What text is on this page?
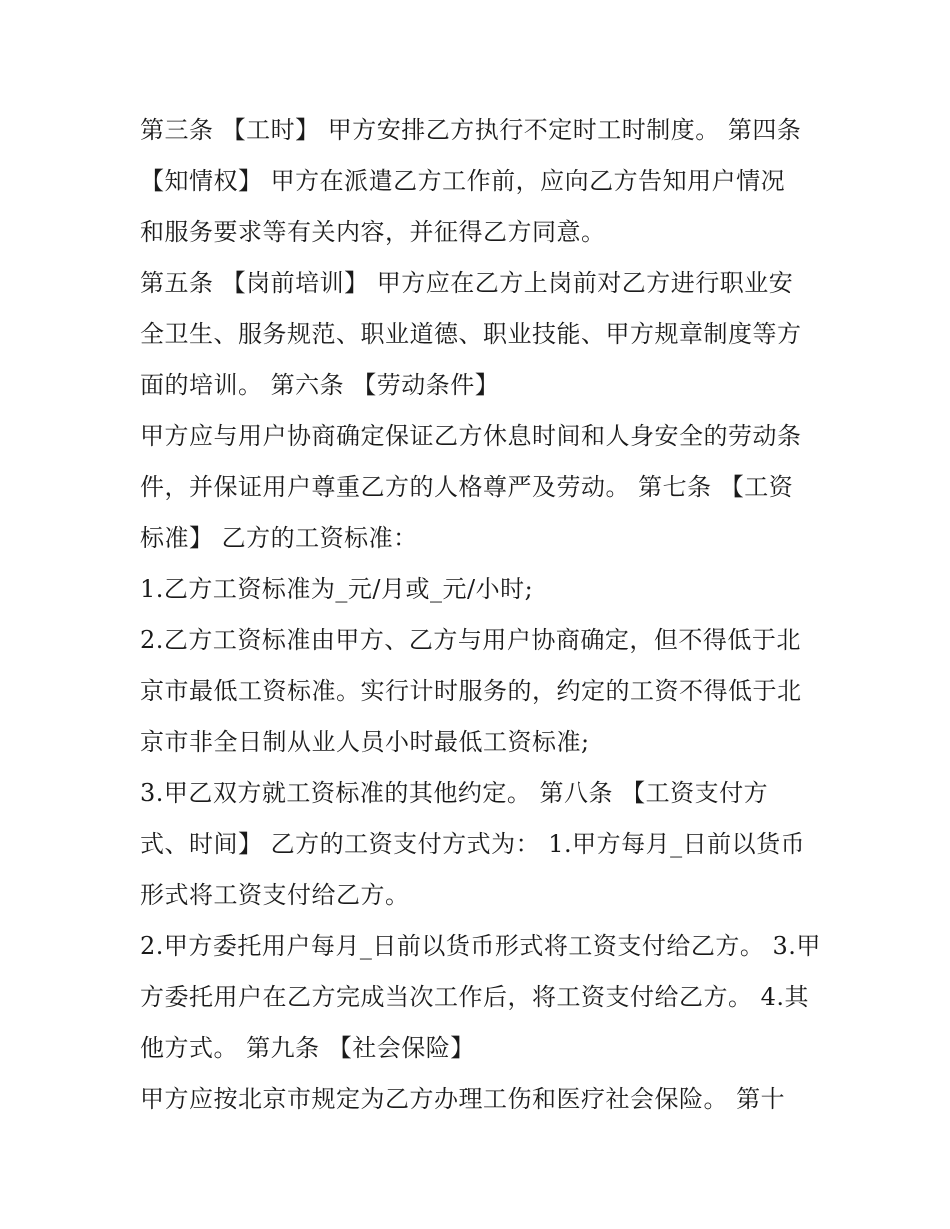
第三条 【工时】 甲方安排乙方执行不定时工时制度。 第四条
【知情权】 甲方在派遣乙方工作前，应向乙方告知用户情况
和服务要求等有关内容，并征得乙方同意。
第五条 【岗前培训】 甲方应在乙方上岗前对乙方进行职业安
全卫生、服务规范、职业道德、职业技能、甲方规章制度等方
面的培训。 第六条 【劳动条件】
甲方应与用户协商确定保证乙方休息时间和人身安全的劳动条
件，并保证用户尊重乙方的人格尊严及劳动。 第七条 【工资
标准】 乙方的工资标准：
1.乙方工资标准为_元/月或_元/小时;
2.乙方工资标准由甲方、乙方与用户协商确定，但不得低于北
京市最低工资标准。实行计时服务的，约定的工资不得低于北
京市非全日制从业人员小时最低工资标准;
3.甲乙双方就工资标准的其他约定。 第八条 【工资支付方
式、时间】 乙方的工资支付方式为： 1.甲方每月_日前以货币
形式将工资支付给乙方。
2.甲方委托用户每月_日前以货币形式将工资支付给乙方。 3.甲
方委托用户在乙方完成当次工作后，将工资支付给乙方。 4.其
他方式。 第九条 【社会保险】
甲方应按北京市规定为乙方办理工伤和医疗社会保险。 第十
